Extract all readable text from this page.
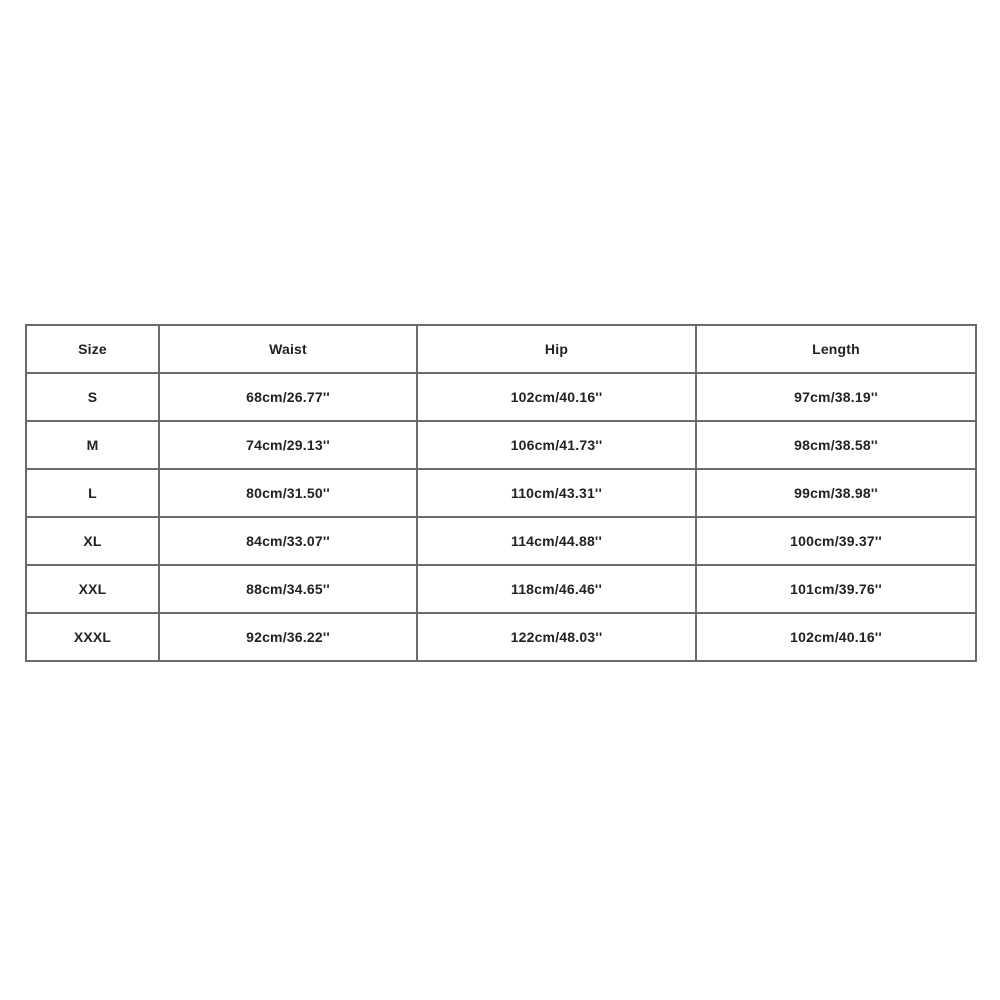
Size	Waist	Hip	Length
S	68cm/26.77''	102cm/40.16''	97cm/38.19''
M	74cm/29.13''	106cm/41.73''	98cm/38.58''
L	80cm/31.50''	110cm/43.31''	99cm/38.98''
XL	84cm/33.07''	114cm/44.88''	100cm/39.37''
XXL	88cm/34.65''	118cm/46.46''	101cm/39.76''
XXXL	92cm/36.22''	122cm/48.03''	102cm/40.16''
